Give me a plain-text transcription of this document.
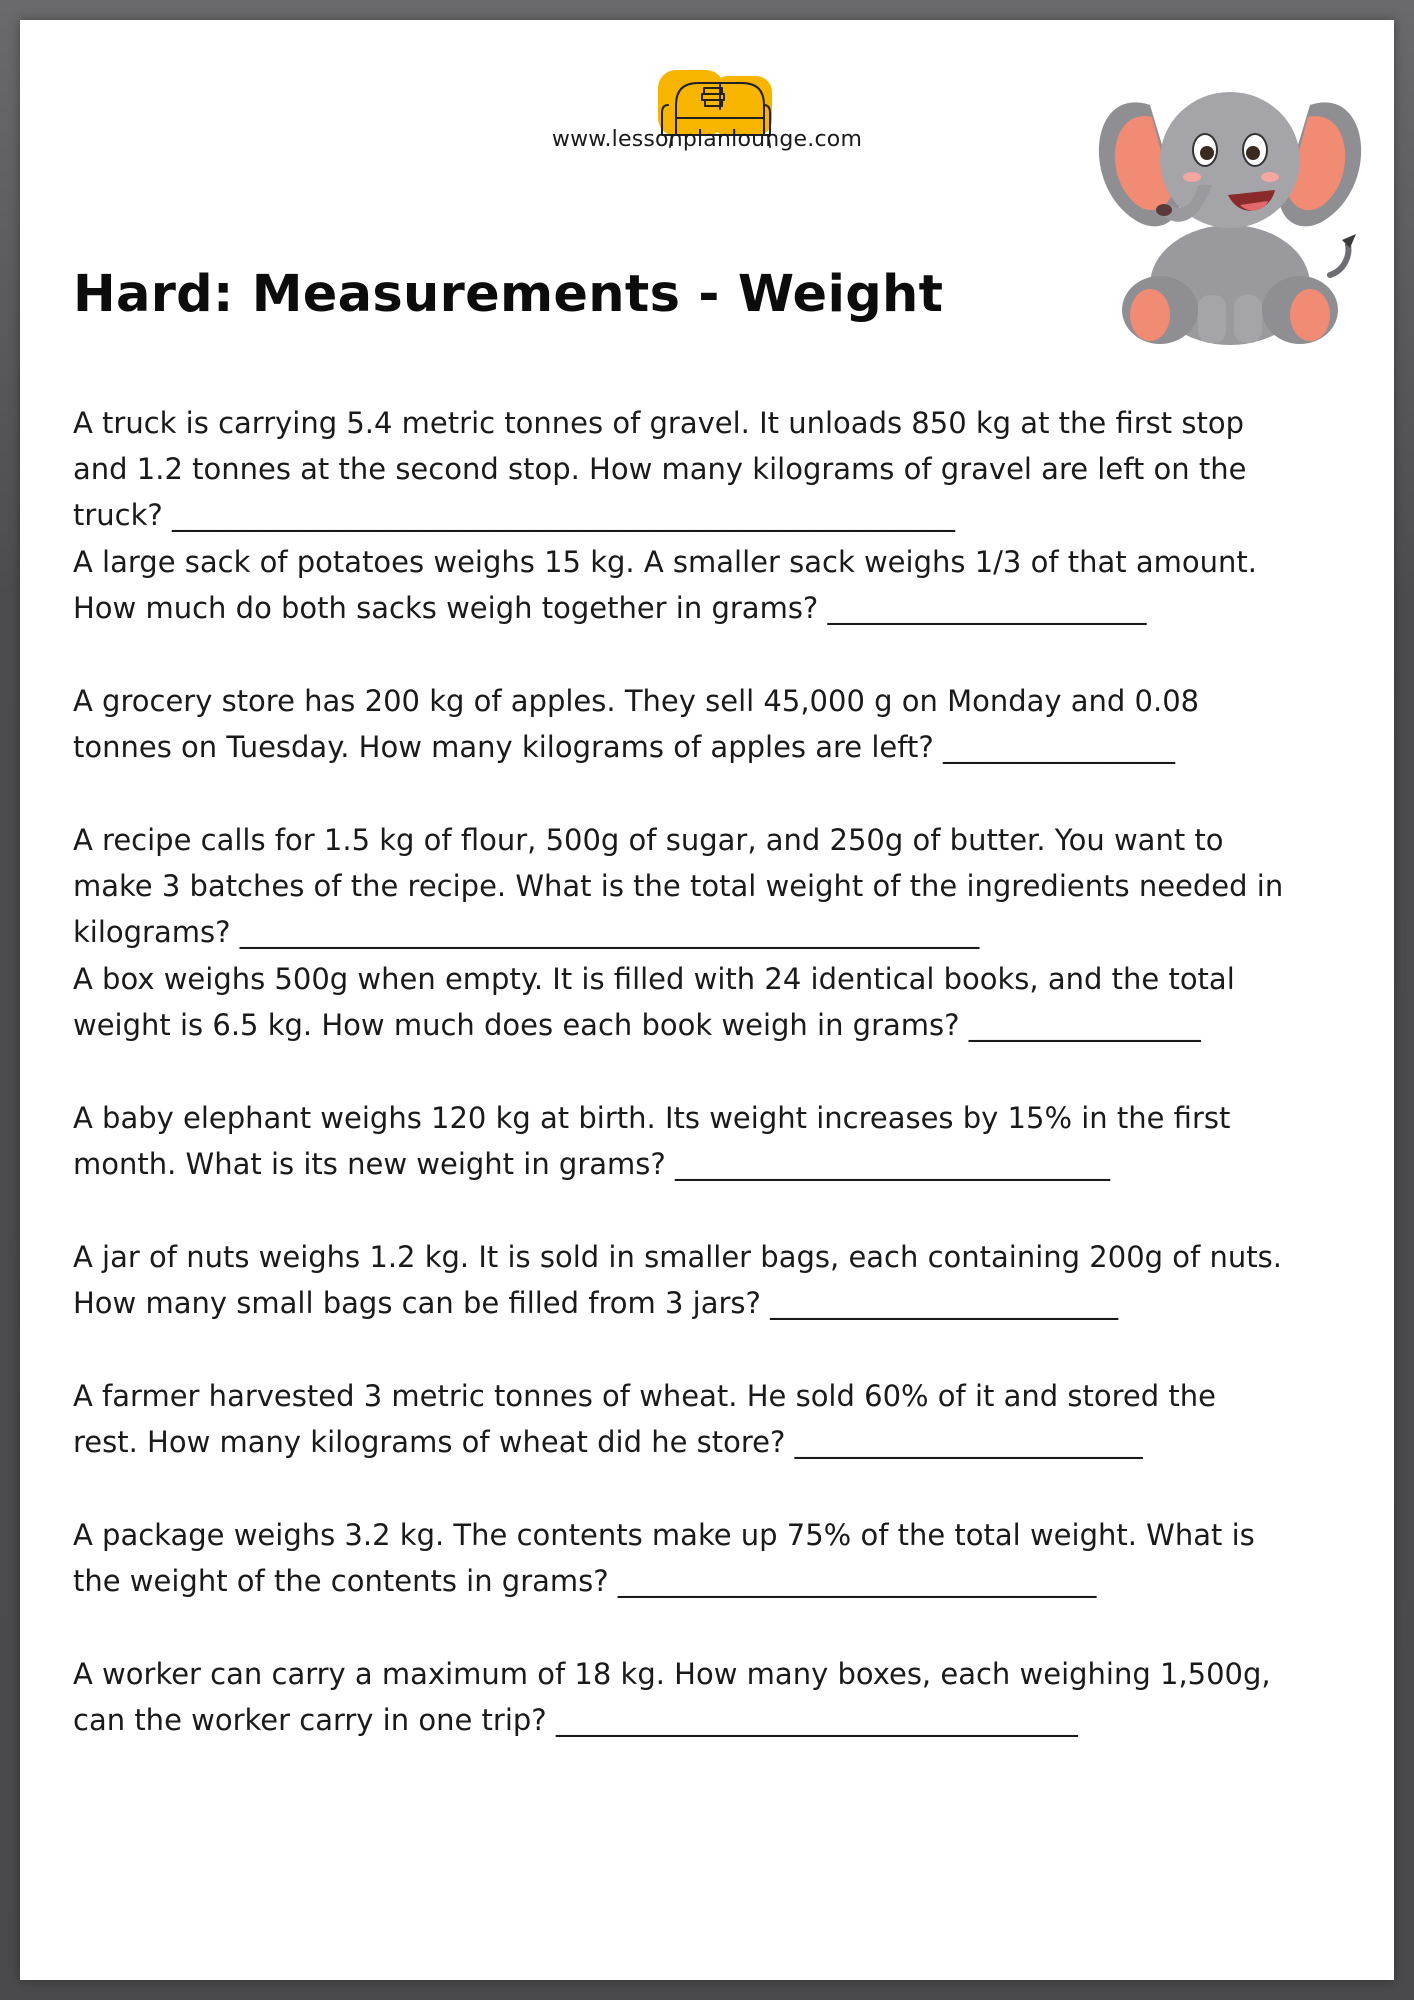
www.lessonplanlounge.com
Hard: Measurements - Weight

A truck is carrying 5.4 metric tonnes of gravel. It unloads 850 kg at the first stop
and 1.2 tonnes at the second stop. How many kilograms of gravel are left on the
truck? ______________________________________________________

A large sack of potatoes weighs 15 kg. A smaller sack weighs 1/3 of that amount.
How much do both sacks weigh together in grams? ______________________

A grocery store has 200 kg of apples. They sell 45,000 g on Monday and 0.08
tonnes on Tuesday. How many kilograms of apples are left? ________________

A recipe calls for 1.5 kg of flour, 500g of sugar, and 250g of butter. You want to
make 3 batches of the recipe. What is the total weight of the ingredients needed in
kilograms? ___________________________________________________

A box weighs 500g when empty. It is filled with 24 identical books, and the total
weight is 6.5 kg. How much does each book weigh in grams? ________________

A baby elephant weighs 120 kg at birth. Its weight increases by 15% in the first
month. What is its new weight in grams? ______________________________

A jar of nuts weighs 1.2 kg. It is sold in smaller bags, each containing 200g of nuts.
How many small bags can be filled from 3 jars? ________________________

A farmer harvested 3 metric tonnes of wheat. He sold 60% of it and stored the
rest. How many kilograms of wheat did he store? ________________________

A package weighs 3.2 kg. The contents make up 75% of the total weight. What is
the weight of the contents in grams? _________________________________

A worker can carry a maximum of 18 kg. How many boxes, each weighing 1,500g,
can the worker carry in one trip? ____________________________________
